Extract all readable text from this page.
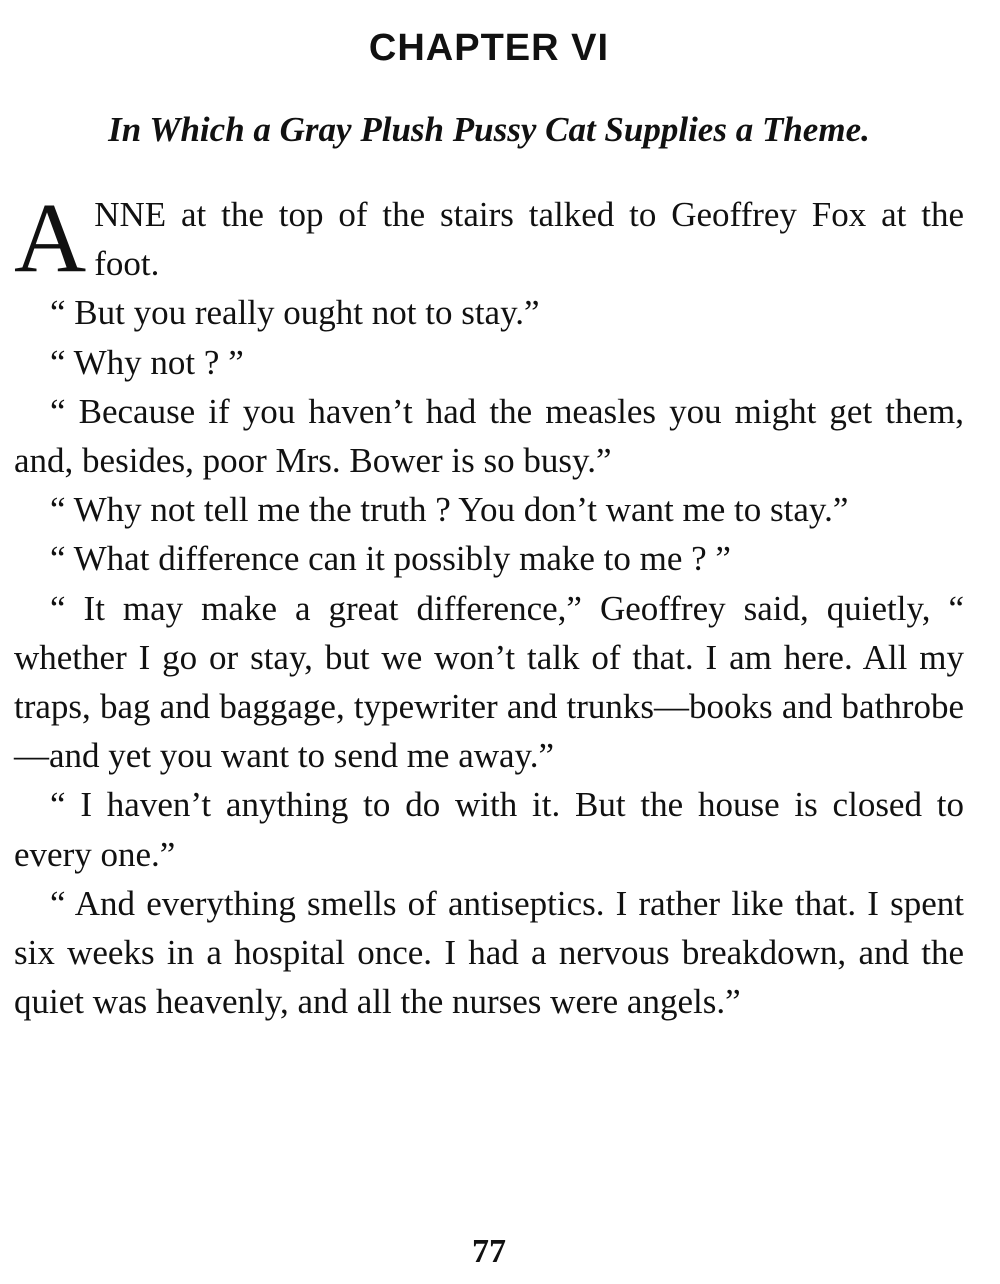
CHAPTER VI
In Which a Gray Plush Pussy Cat Supplies a Theme.

ANNE at the top of the stairs talked to Geoffrey Fox at the foot.

“ But you really ought not to stay.”

“ Why not ? ”

“ Because if you haven’t had the measles you might get them, and, besides, poor Mrs. Bower is so busy.”

“ Why not tell me the truth ? You don’t want me to stay.”

“ What difference can it possibly make to me ? ”

“ It may make a great difference,” Geoffrey said, quietly, “ whether I go or stay, but we won’t talk of that. I am here. All my traps, bag and baggage, typewriter and trunks—books and bathrobe—and yet you want to send me away.”

“ I haven’t anything to do with it. But the house is closed to every one.”

“ And everything smells of antiseptics. I rather like that. I spent six weeks in a hospital once. I had a nervous breakdown, and the quiet was heavenly, and all the nurses were angels.”

77
